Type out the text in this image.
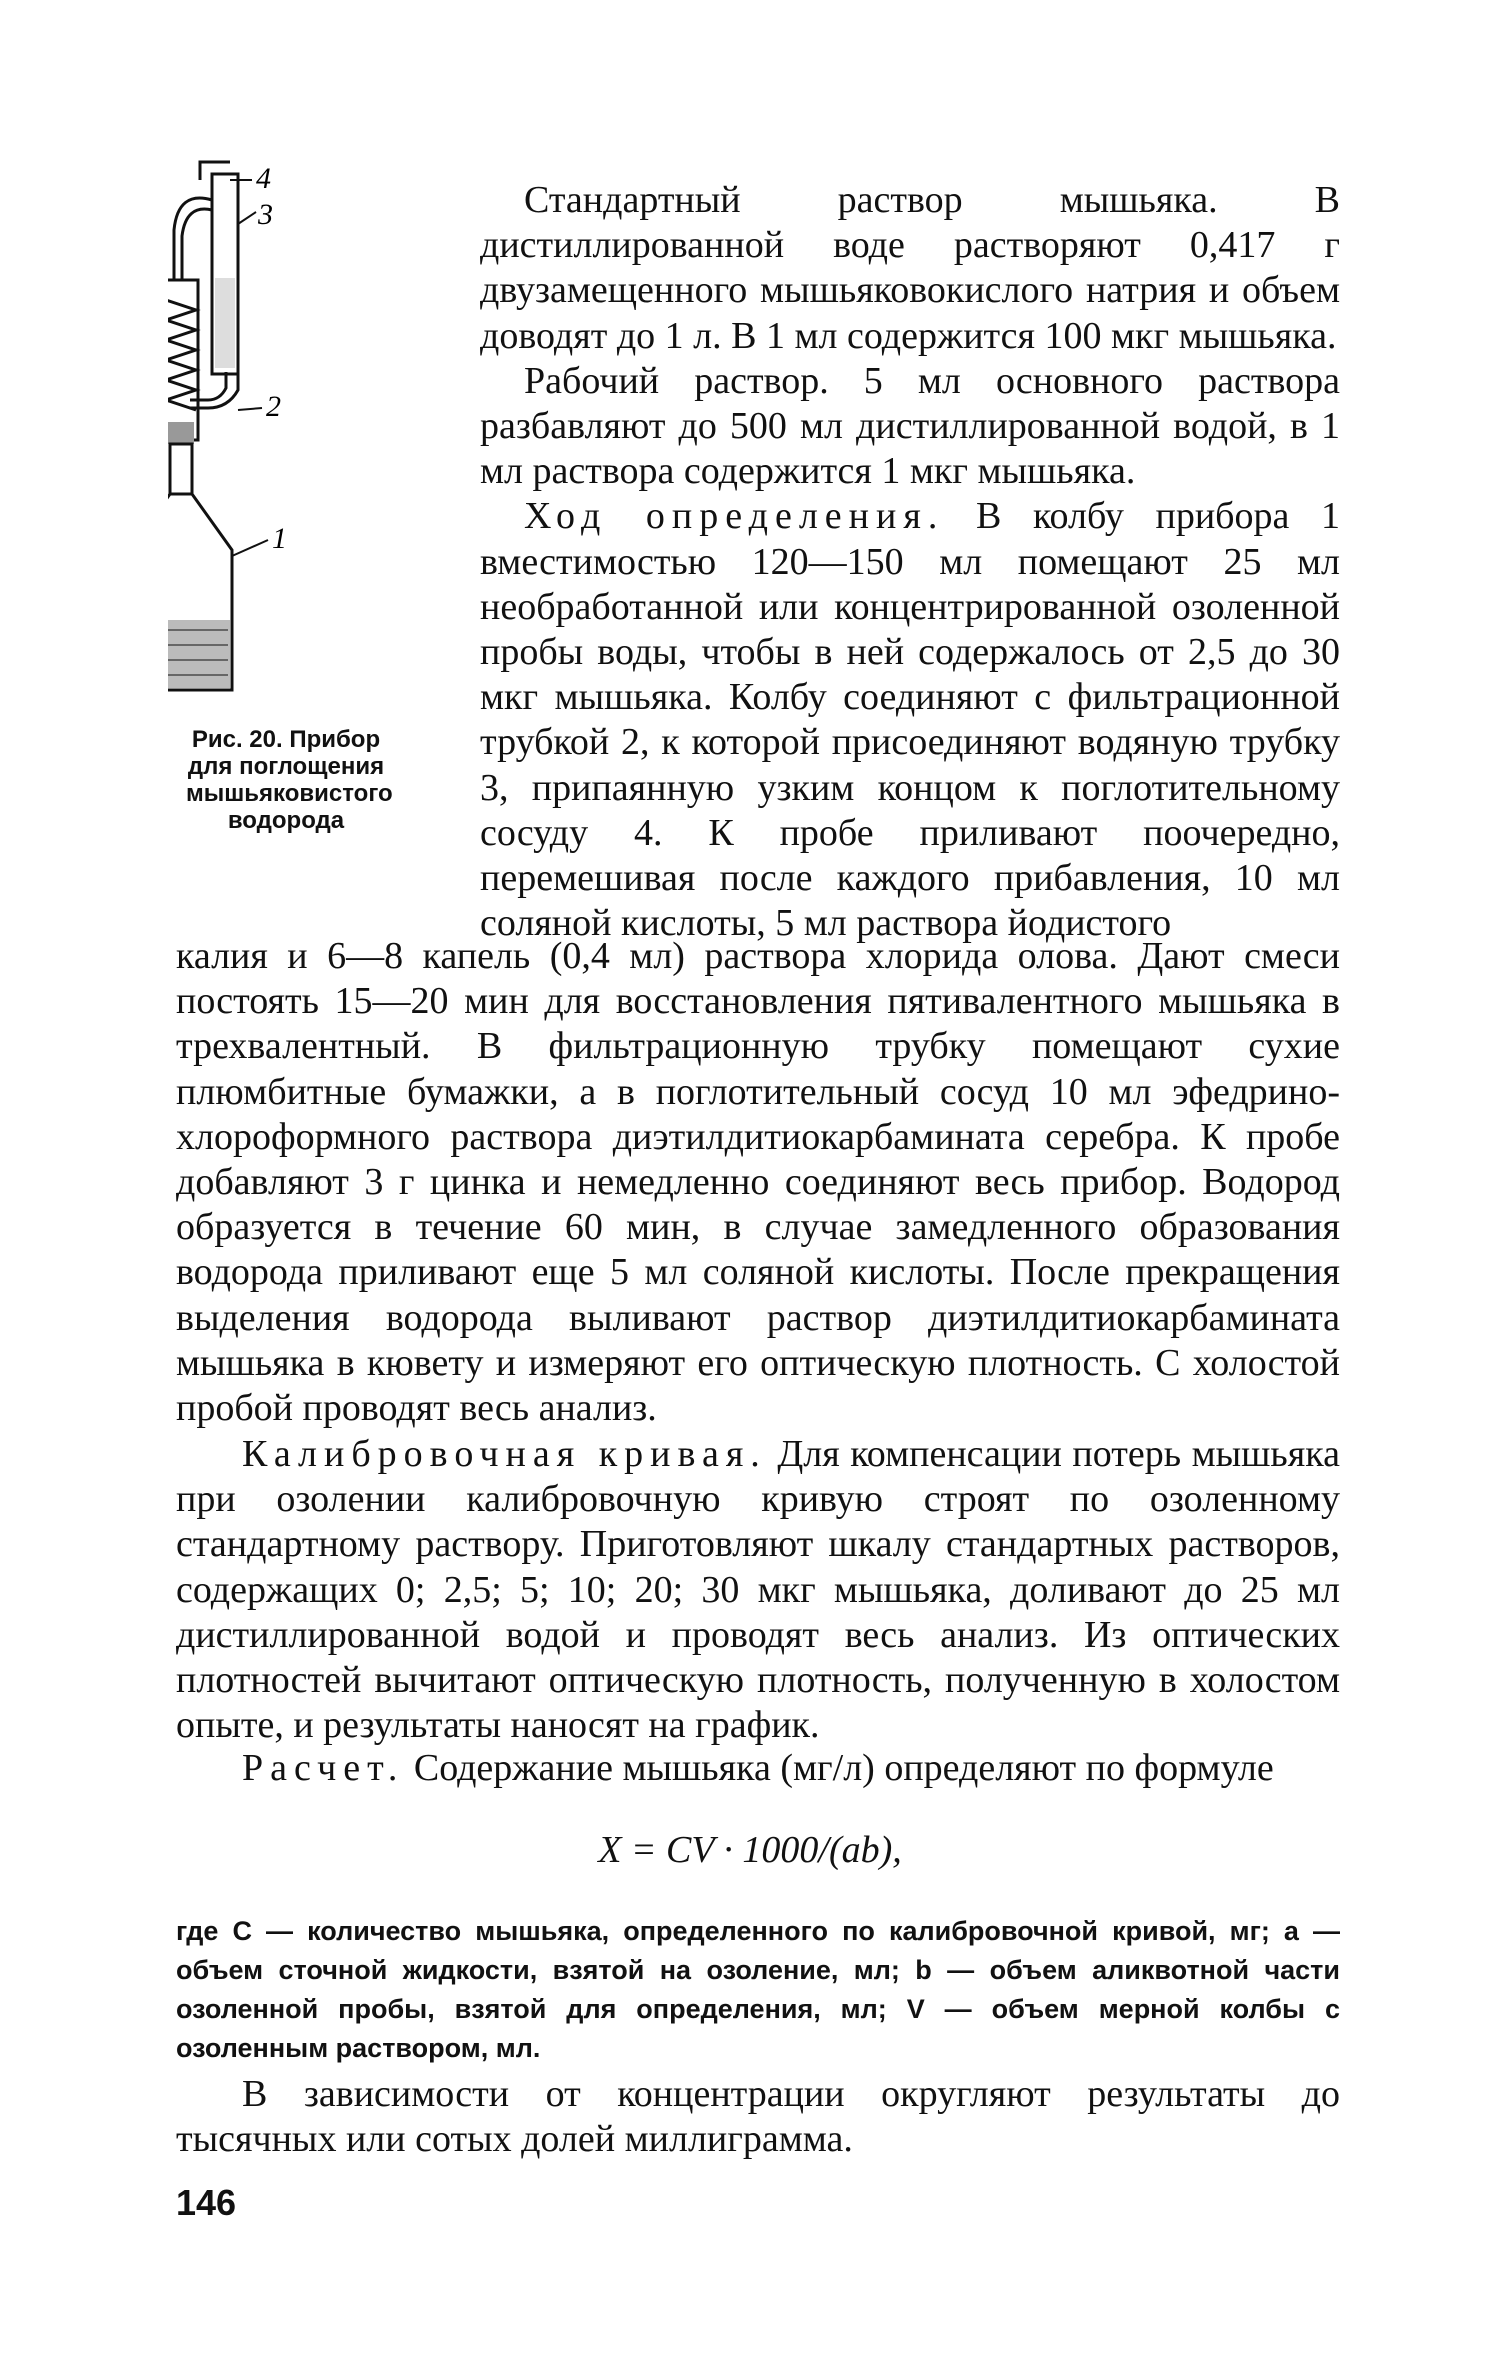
4
3
2
1
Рис. 20. Прибор для поглощения мышьяковистого водорода

Стандартный раствор мышьяка. В дистиллированной воде растворяют 0,417 г двузамещенного мышьяковокислого натрия и объем доводят до 1 л. В 1 мл содержится 100 мкг мышьяка.

Рабочий раствор. 5 мл основного раствора разбавляют до 500 мл дистиллированной водой, в 1 мл раствора содержится 1 мкг мышьяка.

Ход определения. В колбу прибора 1 вместимостью 120—150 мл помещают 25 мл необработанной или концентрированной озоленной пробы воды, чтобы в ней содержалось от 2,5 до 30 мкг мышьяка. Колбу соединяют с фильтрационной трубкой 2, к которой присоединяют водяную трубку 3, припаянную узким концом к поглотительному сосуду 4. К пробе приливают поочередно, перемешивая после каждого прибавления, 10 мл соляной кислоты, 5 мл раствора йодистого

калия и 6—8 капель (0,4 мл) раствора хлорида олова. Дают смеси постоять 15—20 мин для восстановления пятивалентного мышьяка в трехвалентный. В фильтрационную трубку помещают сухие плюмбитные бумажки, а в поглотительный сосуд 10 мл эфедрино-хлороформного раствора диэтилдитиокарбамината серебра. К пробе добавляют 3 г цинка и немедленно соединяют весь прибор. Водород образуется в течение 60 мин, в случае замедленного образования водорода приливают еще 5 мл соляной кислоты. После прекращения выделения водорода выливают раствор диэтилдитиокарбамината мышьяка в кювету и измеряют его оптическую плотность. С холостой пробой проводят весь анализ.

Калибровочная кривая. Для компенсации потерь мышьяка при озолении калибровочную кривую строят по озоленному стандартному раствору. Приготовляют шкалу стандартных растворов, содержащих 0; 2,5; 5; 10; 20; 30 мкг мышьяка, доливают до 25 мл дистиллированной водой и проводят весь анализ. Из оптических плотностей вычитают оптическую плотность, полученную в холостом опыте, и результаты наносят на график.

Расчет. Содержание мышьяка (мг/л) определяют по формуле

X = CV · 1000/(ab),
где C — количество мышьяка, определенного по калибровочной кривой, мг; a — объем сточной жидкости, взятой на озоление, мл; b — объем аликвотной части озоленной пробы, взятой для определения, мл; V — объем мерной колбы с озоленным раствором, мл.

В зависимости от концентрации округляют результаты до тысячных или сотых долей миллиграмма.

146
